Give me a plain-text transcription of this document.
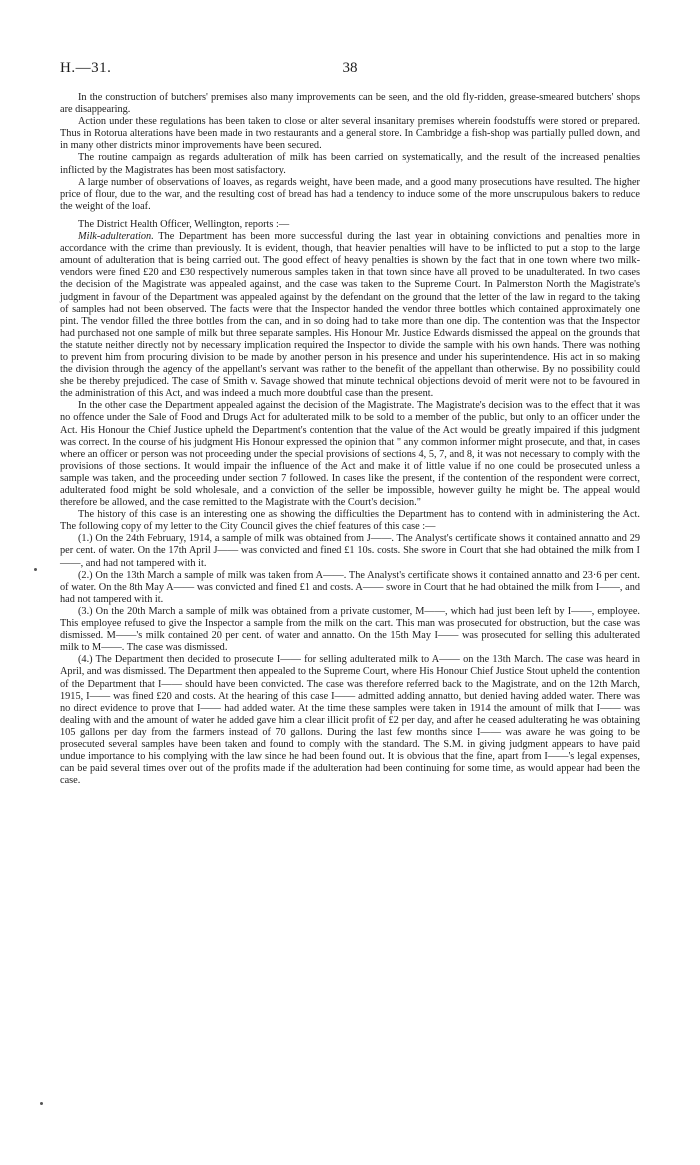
H.—31.	38

In the construction of butchers' premises also many improvements can be seen, and the old fly-ridden, grease-smeared butchers' shops are disappearing.

Action under these regulations has been taken to close or alter several insanitary premises wherein foodstuffs were stored or prepared. Thus in Rotorua alterations have been made in two restaurants and a general store. In Cambridge a fish-shop was partially pulled down, and in many other districts minor improvements have been secured.

The routine campaign as regards adulteration of milk has been carried on systematically, and the result of the increased penalties inflicted by the Magistrates has been most satisfactory.

A large number of observations of loaves, as regards weight, have been made, and a good many prosecutions have resulted. The higher price of flour, due to the war, and the resulting cost of bread has had a tendency to induce some of the more unscrupulous bakers to reduce the weight of the loaf.

The District Health Officer, Wellington, reports :—

Milk-adulteration. The Department has been more successful during the last year in obtaining convictions and penalties more in accordance with the crime than previously. It is evident, though, that heavier penalties will have to be inflicted to put a stop to the large amount of adulteration that is being carried out. The good effect of heavy penalties is shown by the fact that in one town where two milk-vendors were fined £20 and £30 respectively numerous samples taken in that town since have all proved to be unadulterated. In two cases the decision of the Magistrate was appealed against, and the case was taken to the Supreme Court. In Palmerston North the Magistrate's judgment in favour of the Department was appealed against by the defendant on the ground that the letter of the law in regard to the taking of samples had not been observed. The facts were that the Inspector handed the vendor three bottles which contained approximately one pint. The vendor filled the three bottles from the can, and in so doing had to take more than one dip. The contention was that the Inspector had purchased not one sample of milk but three separate samples. His Honour Mr. Justice Edwards dismissed the appeal on the grounds that the statute neither directly not by necessary implication required the Inspector to divide the sample with his own hands. There was nothing to prevent him from procuring division to be made by another person in his presence and under his superintendence. His act in so making the division through the agency of the appellant's servant was rather to the benefit of the appellant than otherwise. By no possibility could she be thereby prejudiced. The case of Smith v. Savage showed that minute technical objections devoid of merit were not to be favoured in the administration of this Act, and was indeed a much more doubtful case than the present.

In the other case the Department appealed against the decision of the Magistrate. The Magistrate's decision was to the effect that it was no offence under the Sale of Food and Drugs Act for adulterated milk to be sold to a member of the public, but only to an officer under the Act. His Honour the Chief Justice upheld the Department's contention that the value of the Act would be greatly impaired if this judgment was correct. In the course of his judgment His Honour expressed the opinion that " any common informer might prosecute, and that, in cases where an officer or person was not proceeding under the special provisions of sections 4, 5, 7, and 8, it was not necessary to comply with the provisions of those sections. It would impair the influence of the Act and make it of little value if no one could be prosecuted unless a sample was taken, and the proceeding under section 7 followed. In cases like the present, if the contention of the respondent were correct, adulterated food might be sold wholesale, and a conviction of the seller be impossible, however guilty he might be. The appeal would therefore be allowed, and the case remitted to the Magistrate with the Court's decision."

The history of this case is an interesting one as showing the difficulties the Department has to contend with in administering the Act. The following copy of my letter to the City Council gives the chief features of this case :—

(1.) On the 24th February, 1914, a sample of milk was obtained from J——. The Analyst's certificate shows it contained annatto and 29 per cent. of water. On the 17th April J—— was convicted and fined £1 10s. costs. She swore in Court that she had obtained the milk from I——, and had not tampered with it.

(2.) On the 13th March a sample of milk was taken from A——. The Analyst's certificate shows it contained annatto and 23·6 per cent. of water. On the 8th May A—— was convicted and fined £1 and costs. A—— swore in Court that he had obtained the milk from I——, and had not tampered with it.

(3.) On the 20th March a sample of milk was obtained from a private customer, M——, which had just been left by I——, employee. This employee refused to give the Inspector a sample from the milk on the cart. This man was prosecuted for obstruction, but the case was dismissed. M——'s milk contained 20 per cent. of water and annatto. On the 15th May I—— was prosecuted for selling this adulterated milk to M——. The case was dismissed.

(4.) The Department then decided to prosecute I—— for selling adulterated milk to A—— on the 13th March. The case was heard in April, and was dismissed. The Department then appealed to the Supreme Court, where His Honour Chief Justice Stout upheld the contention of the Department that I—— should have been convicted. The case was therefore referred back to the Magistrate, and on the 12th March, 1915, I—— was fined £20 and costs. At the hearing of this case I—— admitted adding annatto, but denied having added water. There was no direct evidence to prove that I—— had added water. At the time these samples were taken in 1914 the amount of milk that I—— was dealing with and the amount of water he added gave him a clear illicit profit of £2 per day, and after he ceased adulterating he was obtaining 105 gallons per day from the farmers instead of 70 gallons. During the last few months since I—— was aware he was going to be prosecuted several samples have been taken and found to comply with the standard. The S.M. in giving judgment appears to have paid undue importance to his complying with the law since he had been found out. It is obvious that the fine, apart from I——'s legal expenses, can be paid several times over out of the profits made if the adulteration had been continuing for some time, as would appear had been the case.
